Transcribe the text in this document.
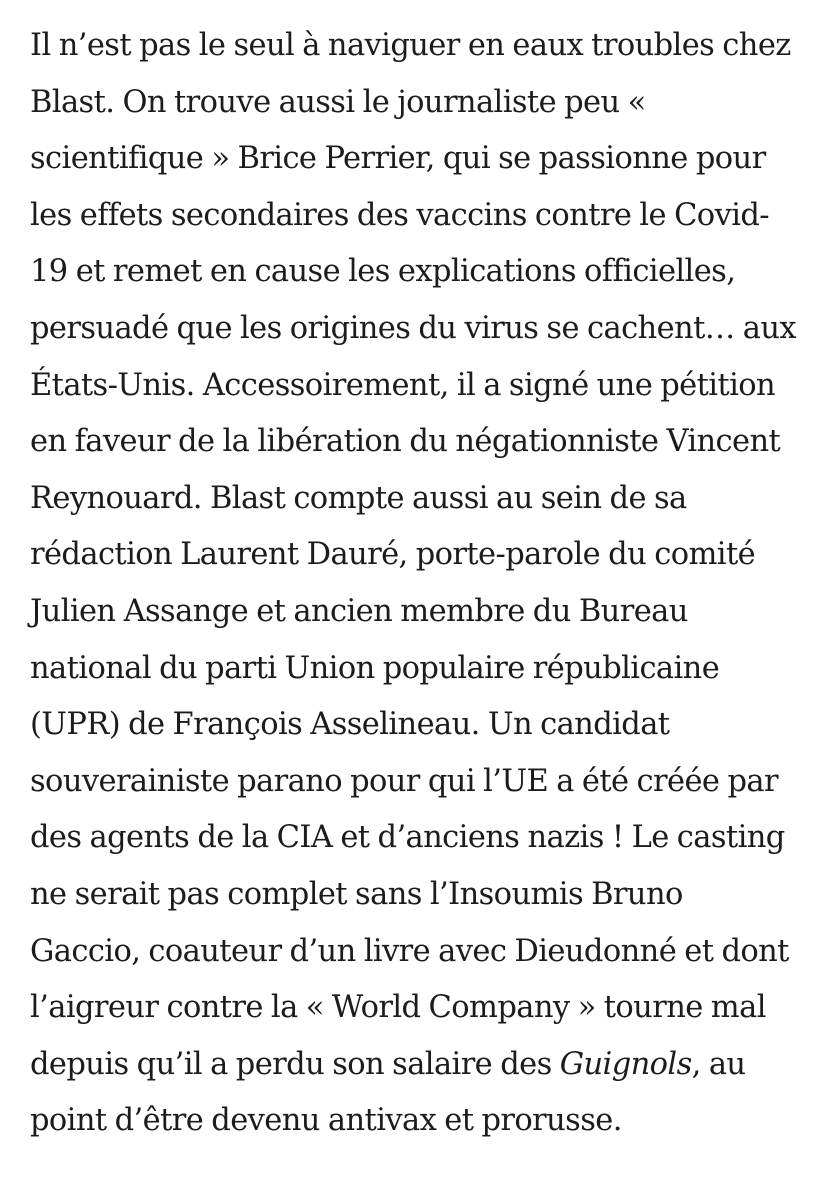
Il n’est pas le seul à naviguer en eaux troubles chez
Blast. On trouve aussi le journaliste peu «
scientifique » Brice Perrier, qui se passionne pour
les effets secondaires des vaccins contre le Covid-
19 et remet en cause les explications officielles,
persuadé que les origines du virus se cachent… aux
États-Unis. Accessoirement, il a signé une pétition
en faveur de la libération du négationniste Vincent
Reynouard. Blast compte aussi au sein de sa
rédaction Laurent Dauré, porte-parole du comité
Julien Assange et ancien membre du Bureau
national du parti Union populaire républicaine
(UPR) de François Asselineau. Un candidat
souverainiste parano pour qui l’UE a été créée par
des agents de la CIA et d’anciens nazis ! Le casting
ne serait pas complet sans l’Insoumis Bruno
Gaccio, coauteur d’un livre avec Dieudonné et dont
l’aigreur contre la « World Company » tourne mal
depuis qu’il a perdu son salaire des Guignols, au
point d’être devenu antivax et prorusse.
